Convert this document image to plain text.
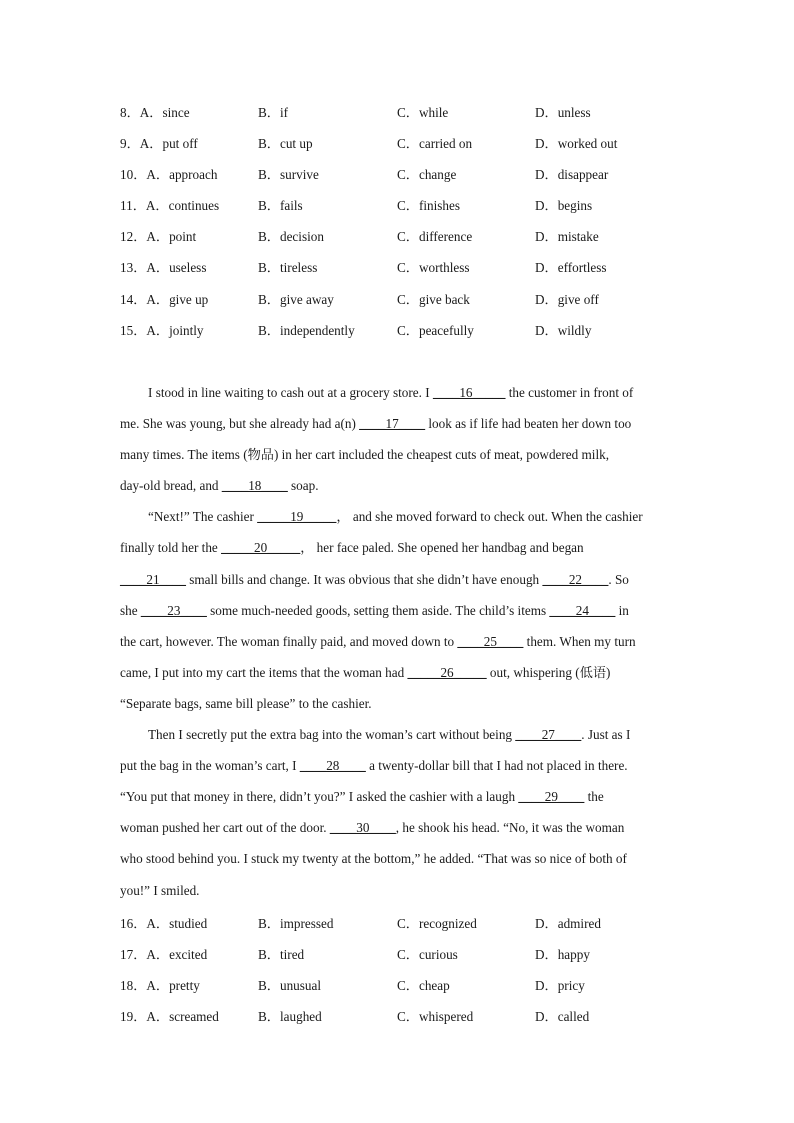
8．A．since	B．if	C．while	D．unless
9．A．put off	B．cut up	C．carried on	D．worked out
10．A．approach	B．survive	C．change	D．disappear
11．A．continues	B．fails	C．finishes	D．begins
12．A．point	B．decision	C．difference	D．mistake
13．A．useless	B．tireless	C．worthless	D．effortless
14．A．give up	B．give away	C．give back	D．give off
15．A．jointly	B．independently	C．peacefully	D．wildly
I stood in line waiting to cash out at a grocery store. I ____16_____ the customer in front of
me. She was young, but she already had a(n) ____17____ look as if life had beaten her down too
many times. The items (物品) in her cart included the cheapest cuts of meat, powdered milk,
day-old bread, and ____18____ soap.
“Next!” The cashier _____19_____， and she moved forward to check out. When the cashier
finally told her the _____20_____， her face paled. She opened her handbag and began
____21____ small bills and change. It was obvious that she didn’t have enough ____22____. So
she ____23____ some much-needed goods, setting them aside. The child’s items ____24____ in
the cart, however. The woman finally paid, and moved down to ____25____ them. When my turn
came, I put into my cart the items that the woman had _____26_____ out, whispering (低语)
“Separate bags, same bill please” to the cashier.
Then I secretly put the extra bag into the woman’s cart without being ____27____. Just as I
put the bag in the woman’s cart, I ____28____ a twenty-dollar bill that I had not placed in there.
“You put that money in there, didn’t you?” I asked the cashier with a laugh ____29____ the
woman pushed her cart out of the door. ____30____, he shook his head. “No, it was the woman
who stood behind you. I stuck my twenty at the bottom,” he added. “That was so nice of both of
you!” I smiled.
16．A．studied	B．impressed	C．recognized	D．admired
17．A．excited	B．tired	C．curious	D．happy
18．A．pretty	B．unusual	C．cheap	D．pricy
19．A．screamed	B．laughed	C．whispered	D．called
